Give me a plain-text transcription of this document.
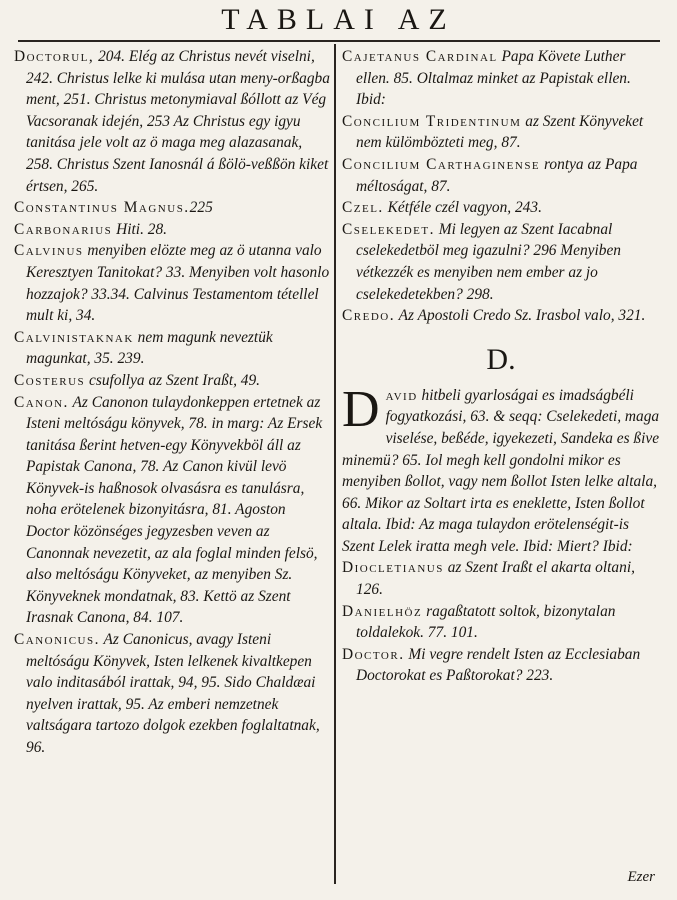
TABLAI AZ

Doctorul, 204. Elég az Christus nevét viselni, 242. Christus lelke ki mulása utan meny-orßagba ment, 251. Christus metonymiaval ßóllott az Vég Vacsoranak idején, 253 Az Christus egy igyu tanitása jele volt az ö maga meg alazasanak, 258. Christus Szent Ianosnál á ßölö-veßßön kiket értsen, 265.

Constantinus Magnus.225

Carbonarius Hiti. 28.

Calvinus menyiben elözte meg az ö utanna valo Keresztyen Tanitokat? 33. Menyiben volt hasonlo hozzajok? 33.34. Calvinus Testamentom tétellel mult ki, 34.

Calvinistaknak nem magunk neveztük magunkat, 35. 239.

Costerus csufollya az Szent Iraßt, 49.

Canon. Az Canonon tulaydonkeppen ertetnek az Isteni meltóságu könyvek, 78. in marg: Az Ersek tanitása ßerint hetven-egy Könyvekböl áll az Papistak Canona, 78. Az Canon kivül levö Könyvek-is haßnosok olvasásra es tanulásra, noha erötelenek bizonyitásra, 81. Agoston Doctor közönséges jegyzesben veven az Canonnak nevezetit, az ala foglal minden felsö, also meltóságu Könyveket, az menyiben Sz. Könyveknek mondatnak, 83. Kettö az Szent Irasnak Canona, 84. 107.

Canonicus. Az Canonicus, avagy Isteni meltóságu Könyvek, Isten lelkenek kivaltkepen valo inditasából irattak, 94, 95. Sido Chaldæai nyelven irattak, 95. Az emberi nemzetnek valtságara tartozo dolgok ezekben foglaltatnak, 96.

Cajetanus Cardinal Papa Követe Luther ellen. 85. Oltalmaz minket az Papistak ellen. Ibid:

Concilium Tridentinum az Szent Könyveket nem külömbözteti meg, 87.

Concilium Carthaginense rontya az Papa méltoságat, 87.

Czel. Kétféle czél vagyon, 243.

Cselekedet. Mi legyen az Szent Iacabnal cselekedetböl meg igazulni? 296 Menyiben vétkezzék es menyiben nem ember az jo cselekedetekben? 298.

Credo. Az Apostoli Credo Sz. Irasbol valo, 321.

D.

David hitbeli gyarloságai es imadságbéli fogyatkozási, 63. & seqq: Cselekedeti, maga viselése, beßéde, igyekezeti, Sandeka es ßive minemü? 65. Iol megh kell gondolni mikor es menyiben ßollot, vagy nem ßollot Isten lelke altala, 66. Mikor az Soltart irta es eneklette, Isten ßollot altala. Ibid: Az maga tulaydon erötelenségit-is Szent Lelek iratta megh vele. Ibid: Miert? Ibid:

Diocletianus az Szent Iraßt el akarta oltani, 126.

Danielhöz ragaßtatott soltok, bizonytalan toldalekok. 77. 101.

Doctor. Mi vegre rendelt Isten az Ecclesiaban Doctorokat es Paßtorokat? 223.

Ezer
